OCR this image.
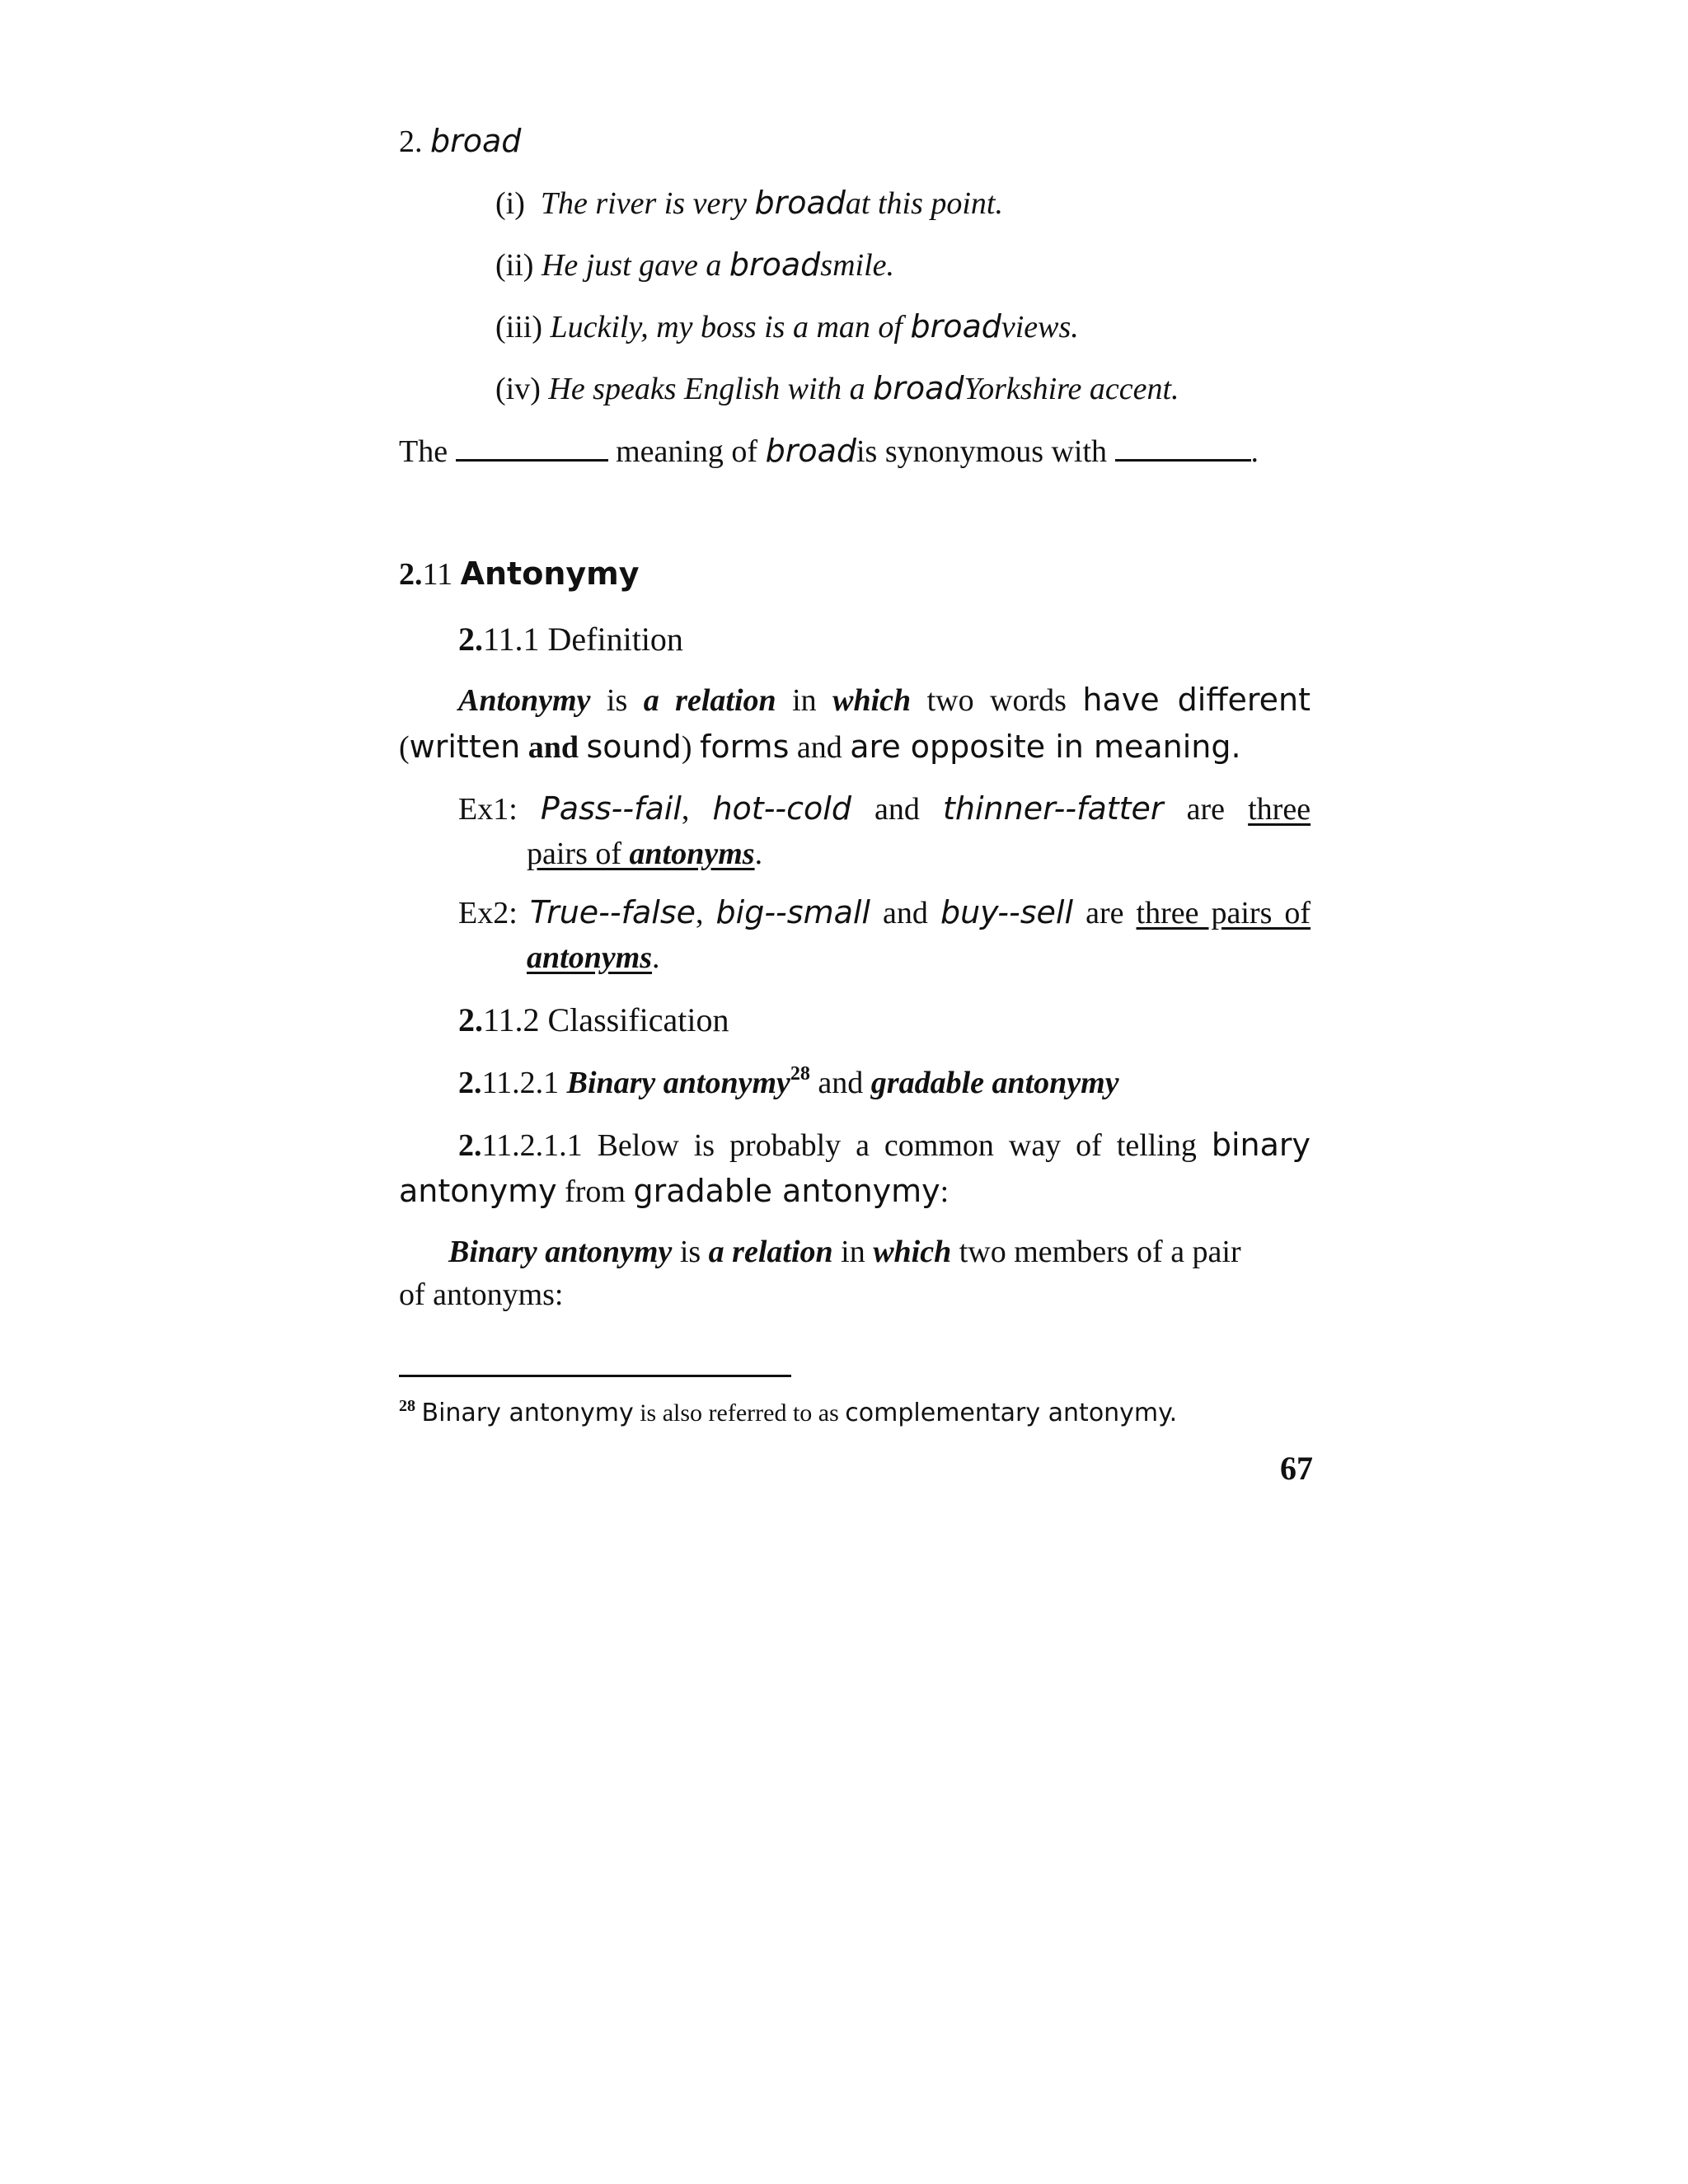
2. broad

(i) The river is very broadat this point.

(ii) He just gave a broadsmile.

(iii) Luckily, my boss is a man of broadviews.

(iv) He speaks English with a broadYorkshire accent.

The	meaning of broadis synonymous with	.

2.11 Antonymy

2.11.1 Definition

Antonymy is a relation in which two words have different

(written and sound) forms and are opposite in meaning.

Ex1: Pass--fail, hot--cold and thinner--fatter are three

pairs of antonyms.

Ex2: True--false, big--small and buy--sell are three pairs of

antonyms.

2.11.2 Classification

2.11.2.1 Binary antonymy$^{28}$ and gradable antonymy

2.11.2.1.1 Below is probably a common way of telling binary

antonymy from gradable antonymy:

Binary antonymy is a relation in which two members of a pair

of antonyms:

$^{28}$ Binary antonymy is also referred to as complementary antonymy.

67
